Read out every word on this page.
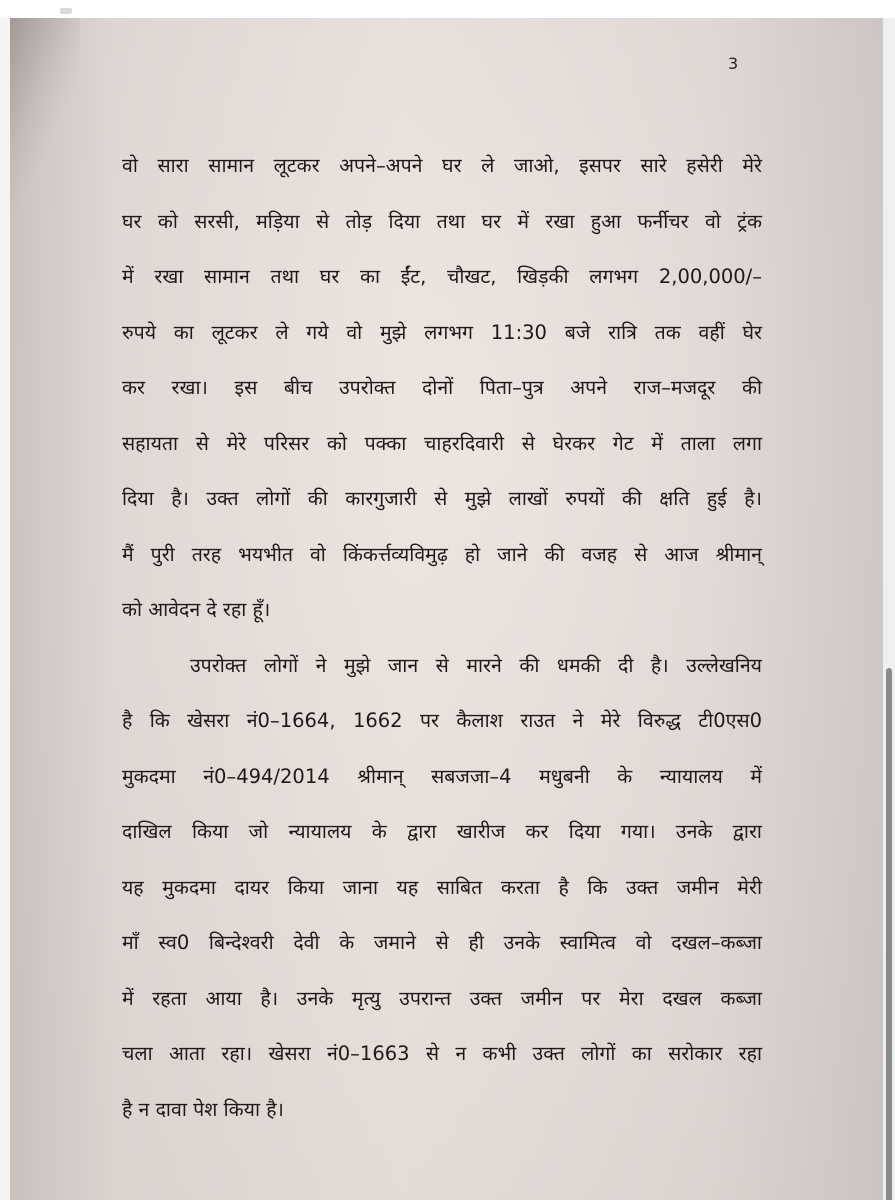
3
वो सारा सामान लूटकर अपने–अपने घर ले जाओ, इसपर सारे हसेरी मेरे
घर को सरसी, मड़िया से तोड़ दिया तथा घर में रखा हुआ फर्नीचर वो ट्रंक
में रखा सामान तथा घर का ईंट, चौखट, खिड़की लगभग 2,00,000/–
रुपये का लूटकर ले गये वो मुझे लगभग 11:30 बजे रात्रि तक वहीं घेर
कर रखा। इस बीच उपरोक्त दोनों पिता–पुत्र अपने राज–मजदूर की
सहायता से मेरे परिसर को पक्का चाहरदिवारी से घेरकर गेट में ताला लगा
दिया है। उक्त लोगों की कारगुजारी से मुझे लाखों रुपयों की क्षति हुई है।
मैं पुरी तरह भयभीत वो किंकर्त्तव्यविमुढ़ हो जाने की वजह से आज श्रीमान्
को आवेदन दे रहा हूँ।
उपरोक्त लोगों ने मुझे जान से मारने की धमकी दी है। उल्लेखनिय
है कि खेसरा नं0–1664, 1662 पर कैलाश राउत ने मेरे विरुद्ध टी0एस0
मुकदमा नं0–494/2014 श्रीमान् सबजजा–4 मधुबनी के न्यायालय में
दाखिल किया जो न्यायालय के द्वारा खारीज कर दिया गया। उनके द्वारा
यह मुकदमा दायर किया जाना यह साबित करता है कि उक्त जमीन मेरी
माँ स्व0 बिन्देश्वरी देवी के जमाने से ही उनके स्वामित्व वो दखल–कब्जा
में रहता आया है। उनके मृत्यु उपरान्त उक्त जमीन पर मेरा दखल कब्जा
चला आता रहा। खेसरा नं0–1663 से न कभी उक्त लोगों का सरोकार रहा
है न दावा पेश किया है।
